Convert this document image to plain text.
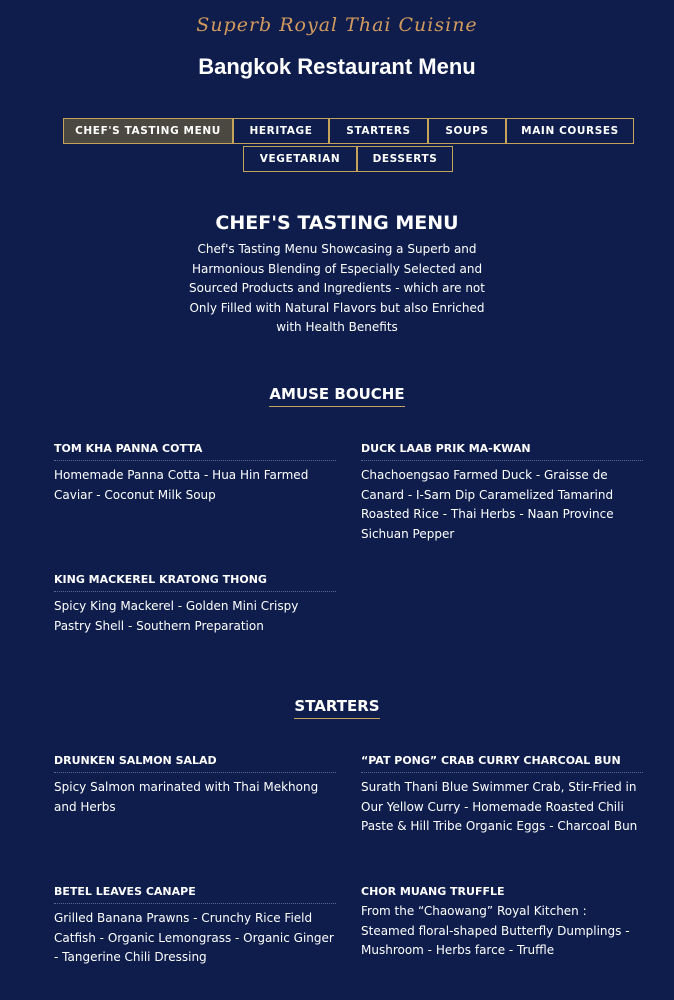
Superb Royal Thai Cuisine
Bangkok Restaurant Menu
CHEF'S TASTING MENU	HERITAGE	STARTERS	SOUPS	MAIN COURSES
VEGETARIAN	DESSERTS
CHEF'S TASTING MENU

Chef's Tasting Menu Showcasing a Superb and Harmonious Blending of Especially Selected and Sourced Products and Ingredients - which are not Only Filled with Natural Flavors but also Enriched with Health Benefits

AMUSE BOUCHE
TOM KHA PANNA COTTA
Homemade Panna Cotta - Hua Hin Farmed Caviar - Coconut Milk Soup
DUCK LAAB PRIK MA-KWAN
Chachoengsao Farmed Duck - Graisse de Canard - I-Sarn Dip Caramelized Tamarind Roasted Rice - Thai Herbs - Naan Province Sichuan Pepper
KING MACKEREL KRATONG THONG
Spicy King Mackerel - Golden Mini Crispy Pastry Shell - Southern Preparation
STARTERS
DRUNKEN SALMON SALAD
Spicy Salmon marinated with Thai Mekhong and Herbs
“PAT PONG” CRAB CURRY CHARCOAL BUN
Surath Thani Blue Swimmer Crab, Stir-Fried in Our Yellow Curry - Homemade Roasted Chili Paste & Hill Tribe Organic Eggs - Charcoal Bun
BETEL LEAVES CANAPE
Grilled Banana Prawns - Crunchy Rice Field Catfish - Organic Lemongrass - Organic Ginger - Tangerine Chili Dressing
CHOR MUANG TRUFFLE
From the “Chaowang” Royal Kitchen : Steamed floral-shaped Butterfly Dumplings - Mushroom - Herbs farce - Truffle
